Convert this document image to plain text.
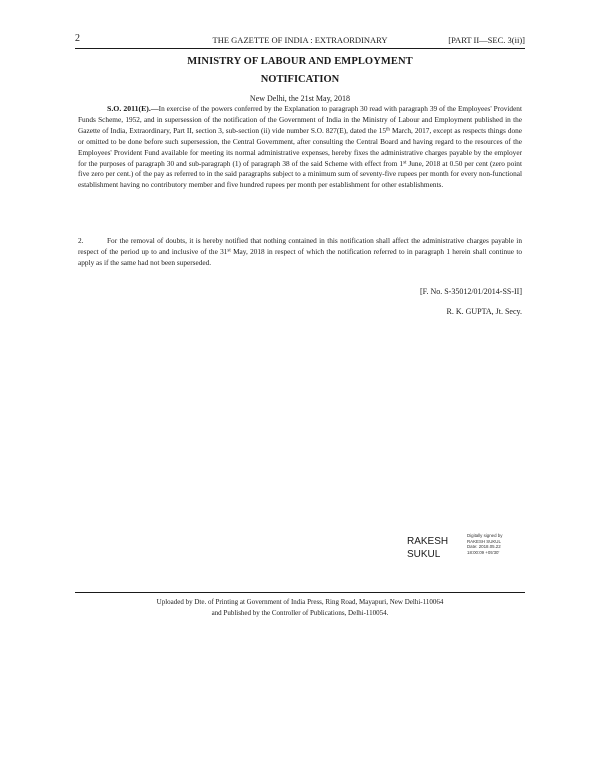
2	THE GAZETTE OF INDIA : EXTRAORDINARY	[PART II—SEC. 3(ii)]
MINISTRY OF LABOUR AND EMPLOYMENT
NOTIFICATION
New Delhi, the 21st May, 2018
S.O. 2011(E).—In exercise of the powers conferred by the Explanation to paragraph 30 read with paragraph 39 of the Employees' Provident Funds Scheme, 1952, and in supersession of the notification of the Government of India in the Ministry of Labour and Employment published in the Gazette of India, Extraordinary, Part II, section 3, sub-section (ii) vide number S.O. 827(E), dated the 15th March, 2017, except as respects things done or omitted to be done before such supersession, the Central Government, after consulting the Central Board and having regard to the resources of the Employees' Provident Fund available for meeting its normal administrative expenses, hereby fixes the administrative charges payable by the employer for the purposes of paragraph 30 and sub-paragraph (1) of paragraph 38 of the said Scheme with effect from 1st June, 2018 at 0.50 per cent (zero point five zero per cent.) of the pay as referred to in the said paragraphs subject to a minimum sum of seventy-five rupees per month for every non-functional establishment having no contributory member and five hundred rupees per month per establishment for other establishments.
2.	For the removal of doubts, it is hereby notified that nothing contained in this notification shall affect the administrative charges payable in respect of the period up to and inclusive of the 31st May, 2018 in respect of which the notification referred to in paragraph 1 herein shall continue to apply as if the same had not been superseded.
[F. No. S-35012/01/2014-SS-II]
R. K. GUPTA, Jt. Secy.
RAKESH
SUKUL
Digitally signed by
RAKESH SUKUL
Date: 2018.05.22
18:00:09 +05'30'
Uploaded by Dte. of Printing at Government of India Press, Ring Road, Mayapuri, New Delhi-110064
and Published by the Controller of Publications, Delhi-110054.
